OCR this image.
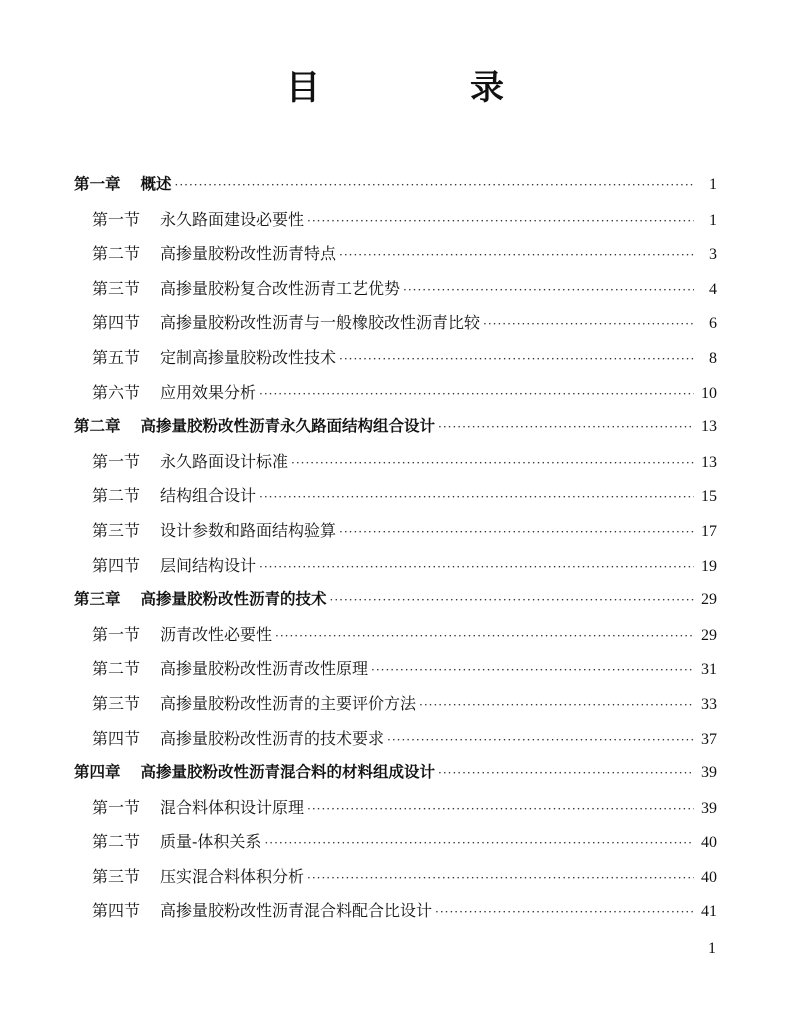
目　录
第一章 概述 ·····	1
第一节 永久路面建设必要性 ·····	1
第二节 高掺量胶粉改性沥青特点 ·····	3
第三节 高掺量胶粉复合改性沥青工艺优势 ·····	4
第四节 高掺量胶粉改性沥青与一般橡胶改性沥青比较 ·····	6
第五节 定制高掺量胶粉改性技术 ·····	8
第六节 应用效果分析 ·····	10
第二章 高掺量胶粉改性沥青永久路面结构组合设计 ·····	13
第一节 永久路面设计标准 ·····	13
第二节 结构组合设计 ·····	15
第三节 设计参数和路面结构验算 ·····	17
第四节 层间结构设计 ·····	19
第三章 高掺量胶粉改性沥青的技术 ·····	29
第一节 沥青改性必要性 ·····	29
第二节 高掺量胶粉改性沥青改性原理 ·····	31
第三节 高掺量胶粉改性沥青的主要评价方法 ·····	33
第四节 高掺量胶粉改性沥青的技术要求 ·····	37
第四章 高掺量胶粉改性沥青混合料的材料组成设计 ·····	39
第一节 混合料体积设计原理 ·····	39
第二节 质量-体积关系 ·····	40
第三节 压实混合料体积分析 ·····	40
第四节 高掺量胶粉改性沥青混合料配合比设计 ·····	41
1
